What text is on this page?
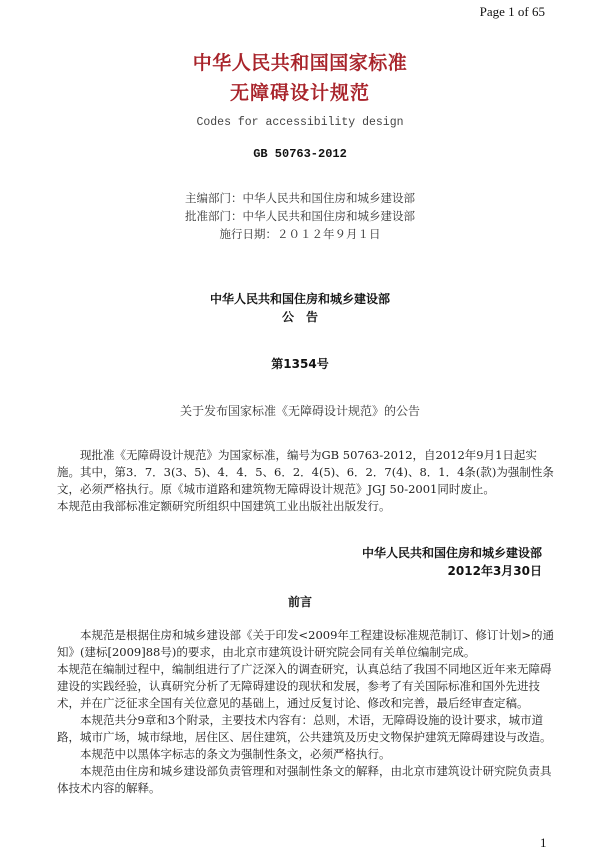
Page 1 of 65
中华人民共和国国家标准
无障碍设计规范
Codes for accessibility design
GB 50763-2012
主编部门：中华人民共和国住房和城乡建设部
批准部门：中华人民共和国住房和城乡建设部
施行日期：２０１２年９月１日
中华人民共和国住房和城乡建设部
公　告
第1354号
关于发布国家标准《无障碍设计规范》的公告

现批准《无障碍设计规范》为国家标准，编号为GB 50763-2012，自2012年9月1日起实施。其中，第3．7．3(3、5)、4．4．5、6．2．4(5)、6．2．7(4)、8．1．4条(款)为强制性条文，必须严格执行。原《城市道路和建筑物无障碍设计规范》JGJ 50-2001同时废止。

本规范由我部标准定额研究所组织中国建筑工业出版社出版发行。

中华人民共和国住房和城乡建设部
2012年3月30日
前言

本规范是根据住房和城乡建设部《关于印发<2009年工程建设标准规范制订、修订计划>的通知》(建标[2009]88号)的要求，由北京市建筑设计研究院会同有关单位编制完成。

本规范在编制过程中，编制组进行了广泛深入的调查研究，认真总结了我国不同地区近年来无障碍建设的实践经验，认真研究分析了无障碍建设的现状和发展，参考了有关国际标准和国外先进技术，并在广泛征求全国有关位意见的基础上，通过反复讨论、修改和完善，最后经审查定稿。

本规范共分9章和3个附录，主要技术内容有：总则，术语，无障碍设施的设计要求，城市道路，城市广场，城市绿地，居住区、居住建筑，公共建筑及历史文物保护建筑无障碍建设与改造。

本规范中以黑体字标志的条文为强制性条文，必须严格执行。

本规范由住房和城乡建设部负责管理和对强制性条文的解释，由北京市建筑设计研究院负责具体技术内容的解释。

1
